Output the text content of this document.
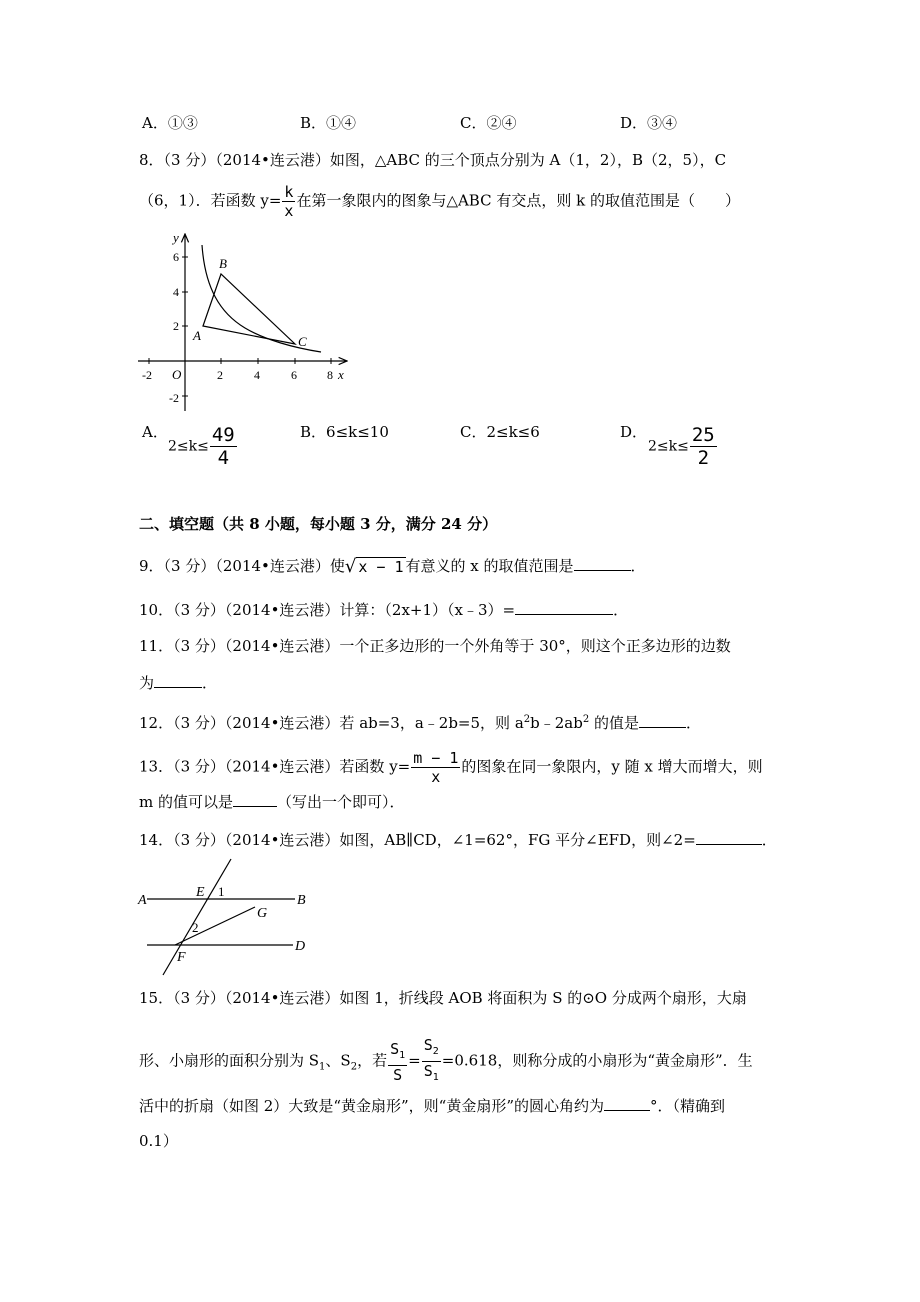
A．①③	B．①④	C．②④	D．③④
8．（3 分）（2014•连云港）如图，△ABC 的三个顶点分别为 A（1，2），B（2，5），C
（6，1）．若函数 $y= \frac{k}{x}$ 在第一象限内的图象与△ABC 有交点，则 k 的取值范围是（　　）
y
x
O
A
B
C
6
4
2
-2
-2	2	4	6	8
A．
$2\le k\le \frac{49}{4}$	B．6≤k≤10	C．2≤k≤6	D．
$2\le k\le \frac{25}{2}$
二、填空题（共 8 小题，每小题 3 分，满分 24 分）
9．（3 分）（2014•连云港）使√ x − 1 有意义的 x 的取值范围是	．
10．（3 分）（2014•连云港）计算：（2x+1）（x﹣3）=	．
11．（3 分）（2014•连云港）一个正多边形的一个外角等于 30°，则这个正多边形的边数
为	．
12．（3 分）（2014•连云港）若 ab=3，a﹣2b=5，则 $a^2b﹣2ab^2$ 的值是	．
13．（3 分）（2014•连云港）若函数 $y= \frac{m - 1}{x}$ 的图象在同一象限内，y 随 x 增大而增大，则
m 的值可以是	（写出一个即可）．
14．（3 分）（2014•连云港）如图，AB∥CD，∠1=62°，FG 平分∠EFD，则∠2=	．
A	B
D
E
F
G
1
2
15．（3 分）（2014•连云港）如图 1，折线段 AOB 将面积为 S 的⊙O 分成两个扇形，大扇
形、小扇形的面积分别为 $S_1$、$S_2$，若 $\frac{S_1}{S} = \frac{S_2}{S_1} =0.618$，则称分成的小扇形为“黄金扇形”．生
活中的折扇（如图 2）大致是“黄金扇形”，则“黄金扇形”的圆心角约为	°．（精确到
0.1）
